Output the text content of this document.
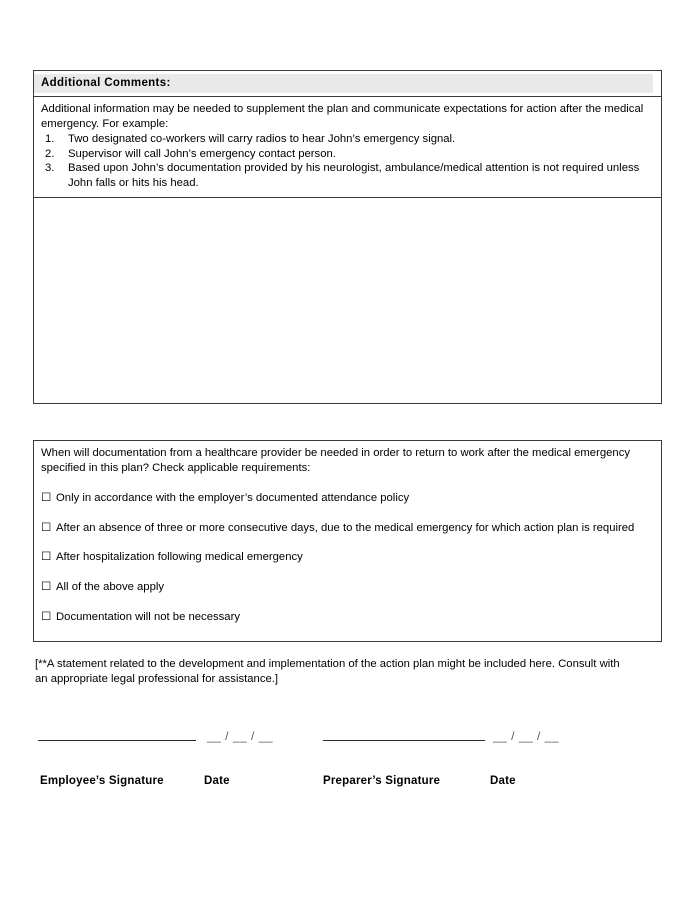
Additional Comments:

Additional information may be needed to supplement the plan and communicate expectations for action after the medical emergency. For example:

1. Two designated co-workers will carry radios to hear John’s emergency signal.
2. Supervisor will call John’s emergency contact person.
3. Based upon John’s documentation provided by his neurologist, ambulance/medical attention is not required unless John falls or hits his head.

When will documentation from a healthcare provider be needed in order to return to work after the medical emergency specified in this plan? Check applicable requirements:

☐ Only in accordance with the employer’s documented attendance policy
☐ After an absence of three or more consecutive days, due to the medical emergency for which action plan is required
☐ After hospitalization following medical emergency
☐ All of the above apply
☐ Documentation will not be necessary
[**A statement related to the development and implementation of the action plan might be included here. Consult with an appropriate legal professional for assistance.]
__ / __ / __	__ / __ / __
Employee’s Signature	Date	Preparer’s Signature	Date
